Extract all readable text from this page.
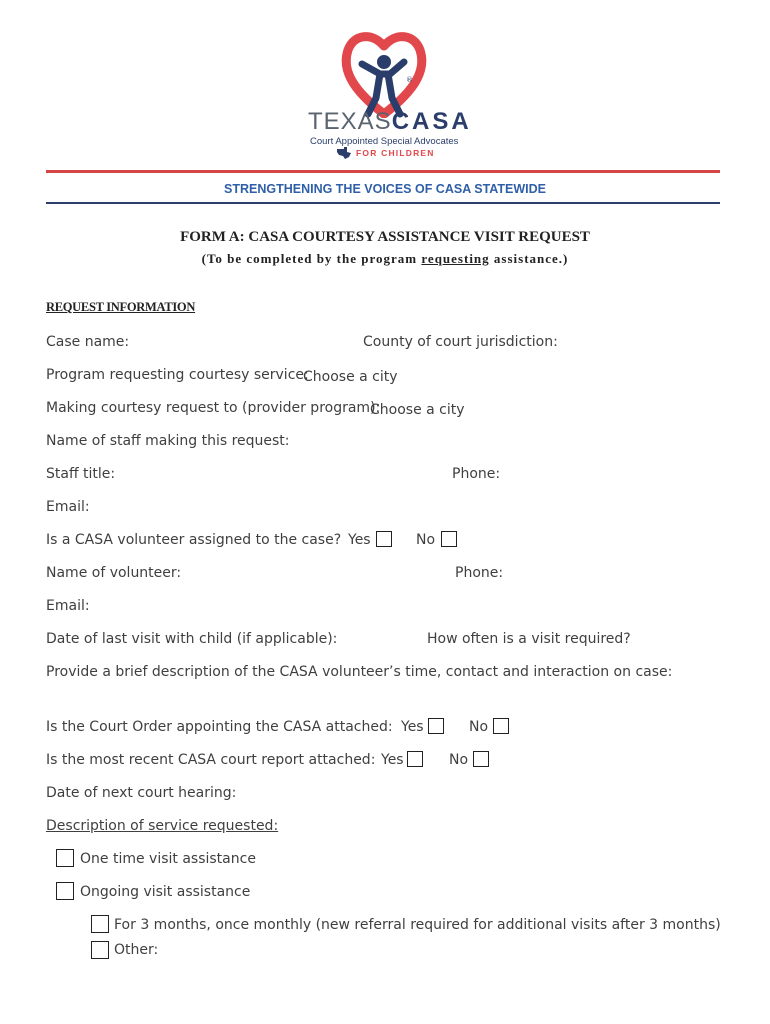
®
TEXASCASA
Court Appointed Special Advocates
FOR CHILDREN
STRENGTHENING THE VOICES OF CASA STATEWIDE
FORM A: CASA COURTESY ASSISTANCE VISIT REQUEST
(To be completed by the program requesting assistance.)
REQUEST INFORMATION
Case name:	County of court jurisdiction:
Program requesting courtesy service:
Choose a city
Making courtesy request to (provider program):
Choose a city
Name of staff making this request:
Staff title:	Phone:
Email:
Is a CASA volunteer assigned to the case? Yes	No
Name of volunteer:	Phone:
Email:
Date of last visit with child (if applicable):	How often is a visit required?
Provide a brief description of the CASA volunteer’s time, contact and interaction on case:
Is the Court Order appointing the CASA attached: Yes	No
Is the most recent CASA court report attached: Yes	No
Date of next court hearing:
Description of service requested:
One time visit assistance
Ongoing visit assistance
For 3 months, once monthly (new referral required for additional visits after 3 months)
Other:
